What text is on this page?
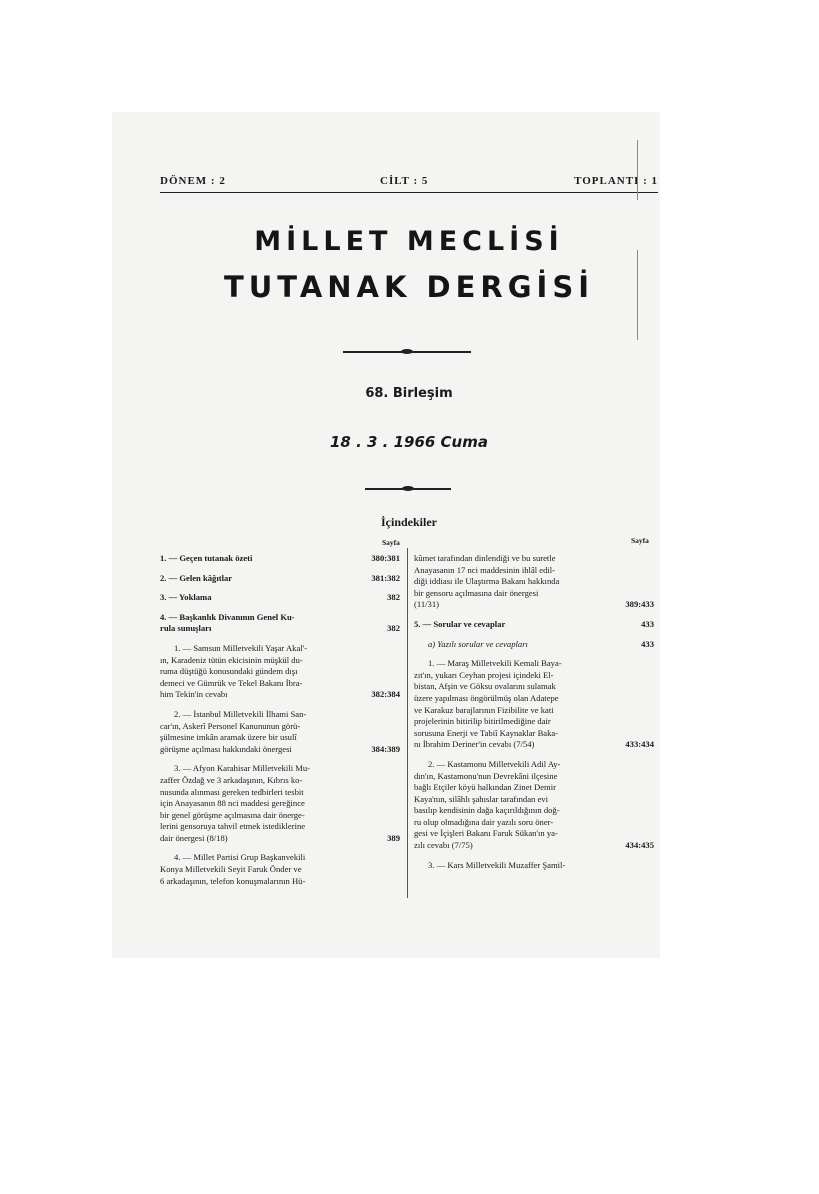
DÖNEM : 2	CİLT : 5	TOPLANTI : 1
MİLLET MECLİSİ
TUTANAK DERGİSİ
68. Birleşim
18 . 3 . 1966 Cuma
İçindekiler
Sayfa	Sayfa
1. — Geçen tutanak özeti	380:381
2. — Gelen kâğıtlar	381:382
3. — Yoklama	382
4. — Başkanlık Divanının Genel Ku-
rula sunuşları	382
1. — Samsun Milletvekili Yaşar Akal'-
ın, Karadeniz tütün ekicisinin müşkül du-
ruma düştüğü konusundaki gündem dışı
demeci ve Gümrük ve Tekel Bakanı İbra-
him Tekin'in cevabı	382:384
2. — İstanbul Milletvekili İlhami San-
car'ın, Askerî Personel Kanununun görü-
şülmesine imkân aramak üzere bir usulî
görüşme açılması hakkındaki önergesi	384:389
3. — Afyon Karahisar Milletvekili Mu-
zaffer Özdağ ve 3 arkadaşının, Kıbrıs ko-
nusunda alınması gereken tedbirleri tesbit
için Anayasanın 88 nci maddesi gereğince
bir genel görüşme açılmasına dair önerge-
lerini gensoruya tahvil etmek istediklerine
dair önergesi (8/18)	389
4. — Millet Partisi Grup Başkanvekili
Konya Milletvekili Seyit Faruk Önder ve
6 arkadaşının, telefon konuşmalarının Hü-
kûmet tarafından dinlendiği ve bu suretle
Anayasanın 17 nci maddesinin ihlâl edil-
diği iddiası ile Ulaştırma Bakanı hakkında
bir gensoru açılmasına dair önergesi
(11/31)	389:433
5. — Sorular ve cevaplar	433
a) Yazılı sorular ve cevapları	433
1. — Maraş Milletvekili Kemali Baya-
zıt'ın, yukarı Ceyhan projesi içindeki El-
bistan, Afşin ve Göksu ovalarını sulamak
üzere yapılması öngörülmüş olan Adatepe
ve Karakuz barajlarının Fizibilite ve kati
projelerinin bitirilip bitirilmediğine dair
sorusuna Enerji ve Tabiî Kaynaklar Baka-
nı İbrahim Deriner'in cevabı (7/54)	433:434
2. — Kastamonu Milletvekili Adil Ay-
dın'ın, Kastamonu'nun Devrekâni ilçesine
bağlı Etçiler köyü halkından Zinet Demir
Kaya'nın, silâhlı şahıslar tarafından evi
basılıp kendisinin dağa kaçırıldığının doğ-
ru olup olmadığına dair yazılı soru öner-
gesi ve İçişleri Bakanı Faruk Sükan'ın ya-
zılı cevabı (7/75)	434:435
3. — Kars Milletvekili Muzaffer Şamil-
